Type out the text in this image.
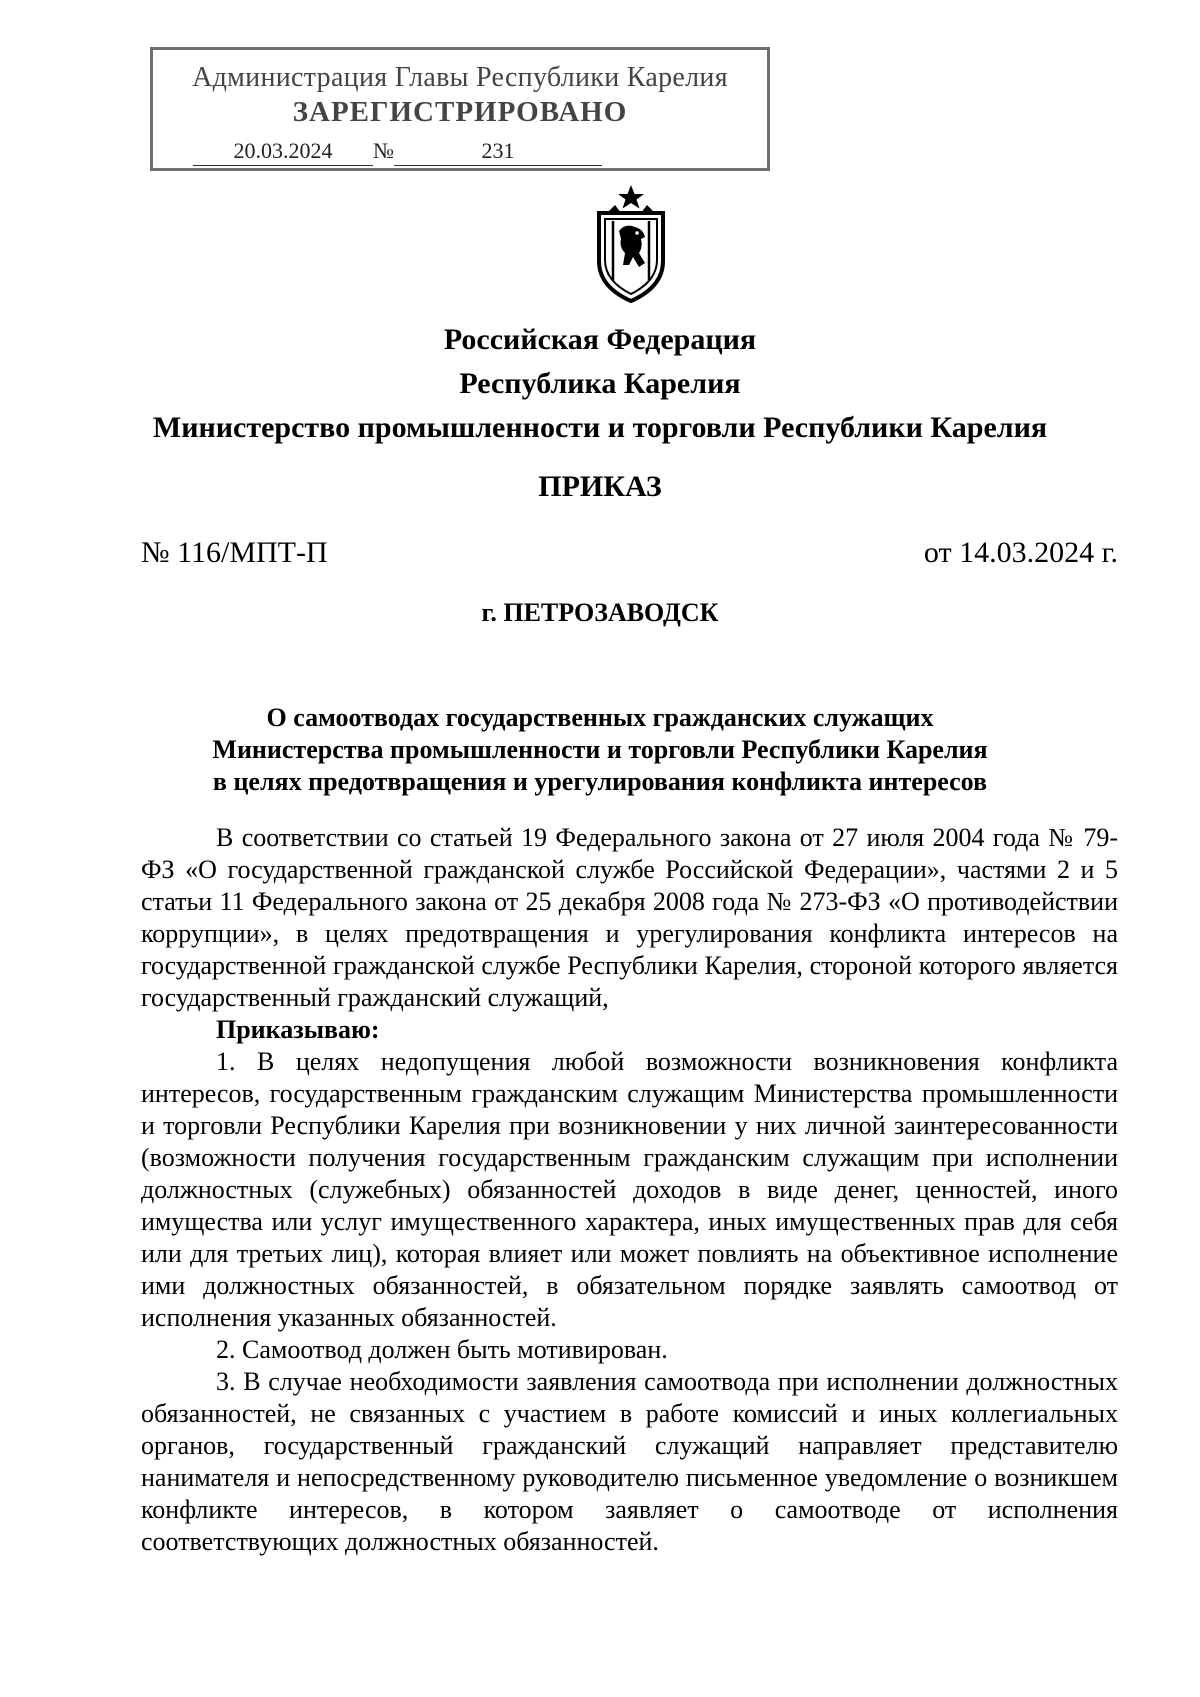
Администрация Главы Республики Карелия
ЗАРЕГИСТРИРОВАНО
20.03.2024 №	231
Российская Федерация
Республика Карелия
Министерство промышленности и торговли Республики Карелия
ПРИКАЗ
№ 116/МПТ-П	от 14.03.2024 г.
г. ПЕТРОЗАВОДСК
О самоотводах государственных гражданских служащих
Министерства промышленности и торговли Республики Карелия
в целях предотвращения и урегулирования конфликта интересов

В соответствии со статьей 19 Федерального закона от 27 июля 2004 года № 79-ФЗ «О государственной гражданской службе Российской Федерации», частями 2 и 5 статьи 11 Федерального закона от 25 декабря 2008 года № 273-ФЗ «О противодействии коррупции», в целях предотвращения и урегулирования конфликта интересов на государственной гражданской службе Республики Карелия, стороной которого является государственный гражданский служащий,

Приказываю:

1. В целях недопущения любой возможности возникновения конфликта интересов, государственным гражданским служащим Министерства промышленности и торговли Республики Карелия при возникновении у них личной заинтересованности (возможности получения государственным гражданским служащим при исполнении должностных (служебных) обязанностей доходов в виде денег, ценностей, иного имущества или услуг имущественного характера, иных имущественных прав для себя или для третьих лиц), которая влияет или может повлиять на объективное исполнение ими должностных обязанностей, в обязательном порядке заявлять самоотвод от исполнения указанных обязанностей.

2. Самоотвод должен быть мотивирован.

3. В случае необходимости заявления самоотвода при исполнении должностных обязанностей, не связанных с участием в работе комиссий и иных коллегиальных органов, государственный гражданский служащий направляет представителю нанимателя и непосредственному руководителю письменное уведомление о возникшем конфликте интересов, в котором заявляет о самоотводе от исполнения соответствующих должностных обязанностей.
